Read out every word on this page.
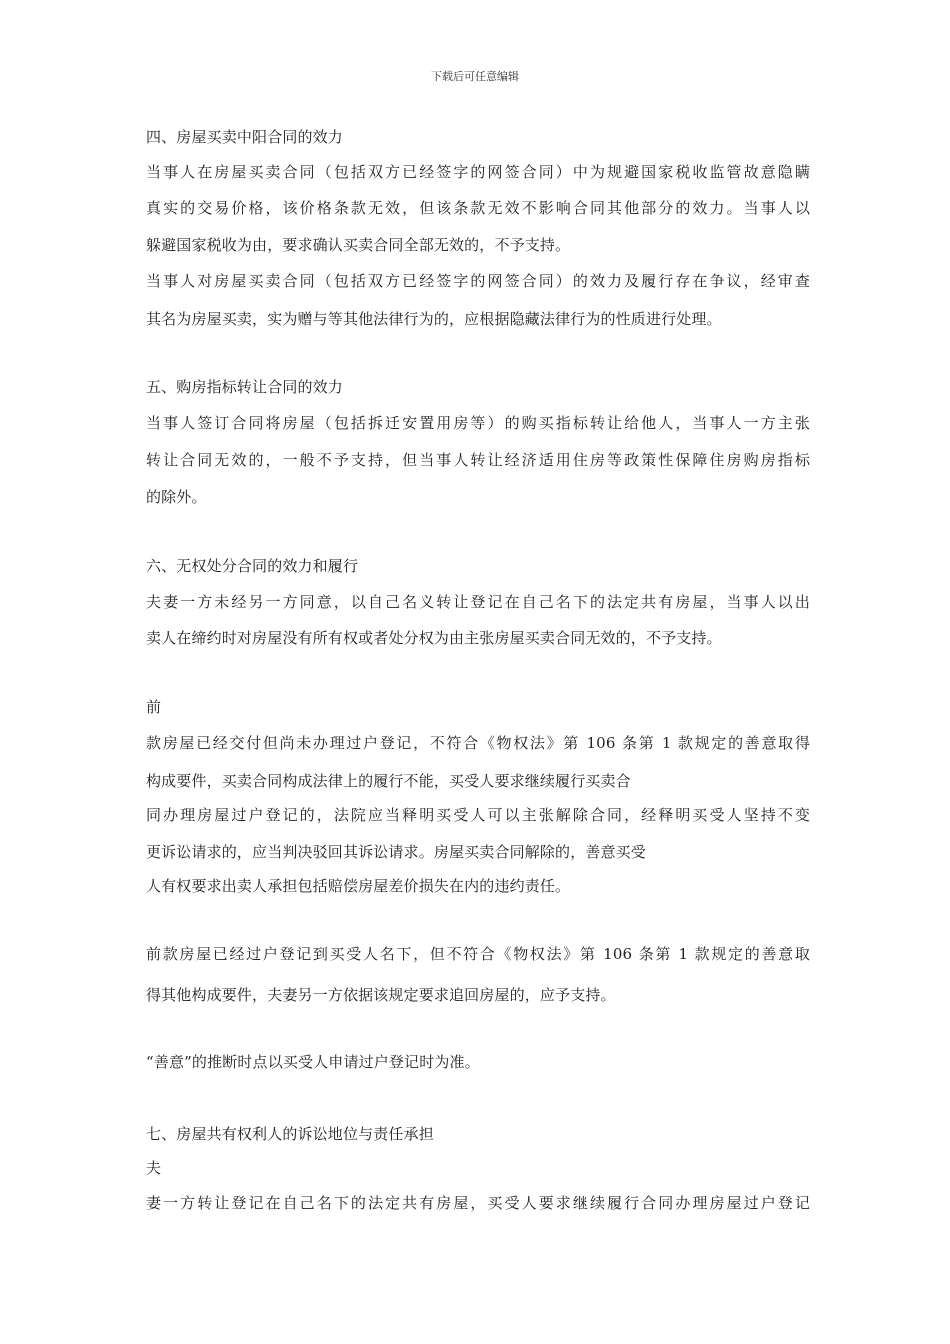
下载后可任意编辑
四、房屋买卖中阳合同的效力
当事人在房屋买卖合同（包括双方已经签字的网签合同）中为规避国家税收监管故意隐瞒
真实的交易价格，该价格条款无效，但该条款无效不影响合同其他部分的效力。当事人以
躲避国家税收为由，要求确认买卖合同全部无效的，不予支持。
当事人对房屋买卖合同（包括双方已经签字的网签合同）的效力及履行存在争议，经审查
其名为房屋买卖，实为赠与等其他法律行为的，应根据隐藏法律行为的性质进行处理。
五、购房指标转让合同的效力
当事人签订合同将房屋（包括拆迁安置用房等）的购买指标转让给他人，当事人一方主张
转让合同无效的，一般不予支持，但当事人转让经济适用住房等政策性保障住房购房指标
的除外。
六、无权处分合同的效力和履行
夫妻一方未经另一方同意，以自己名义转让登记在自己名下的法定共有房屋，当事人以出
卖人在缔约时对房屋没有所有权或者处分权为由主张房屋买卖合同无效的，不予支持。
前
款房屋已经交付但尚未办理过户登记，不符合《物权法》第 106 条第 1 款规定的善意取得
构成要件，买卖合同构成法律上的履行不能，买受人要求继续履行买卖合
同办理房屋过户登记的，法院应当释明买受人可以主张解除合同，经释明买受人坚持不变
更诉讼请求的，应当判决驳回其诉讼请求。房屋买卖合同解除的，善意买受
人有权要求出卖人承担包括赔偿房屋差价损失在内的违约责任。
前款房屋已经过户登记到买受人名下，但不符合《物权法》第 106 条第 1 款规定的善意取
得其他构成要件，夫妻另一方依据该规定要求追回房屋的，应予支持。
“善意”的推断时点以买受人申请过户登记时为准。
七、房屋共有权利人的诉讼地位与责任承担
夫
妻一方转让登记在自己名下的法定共有房屋，买受人要求继续履行合同办理房屋过户登记
